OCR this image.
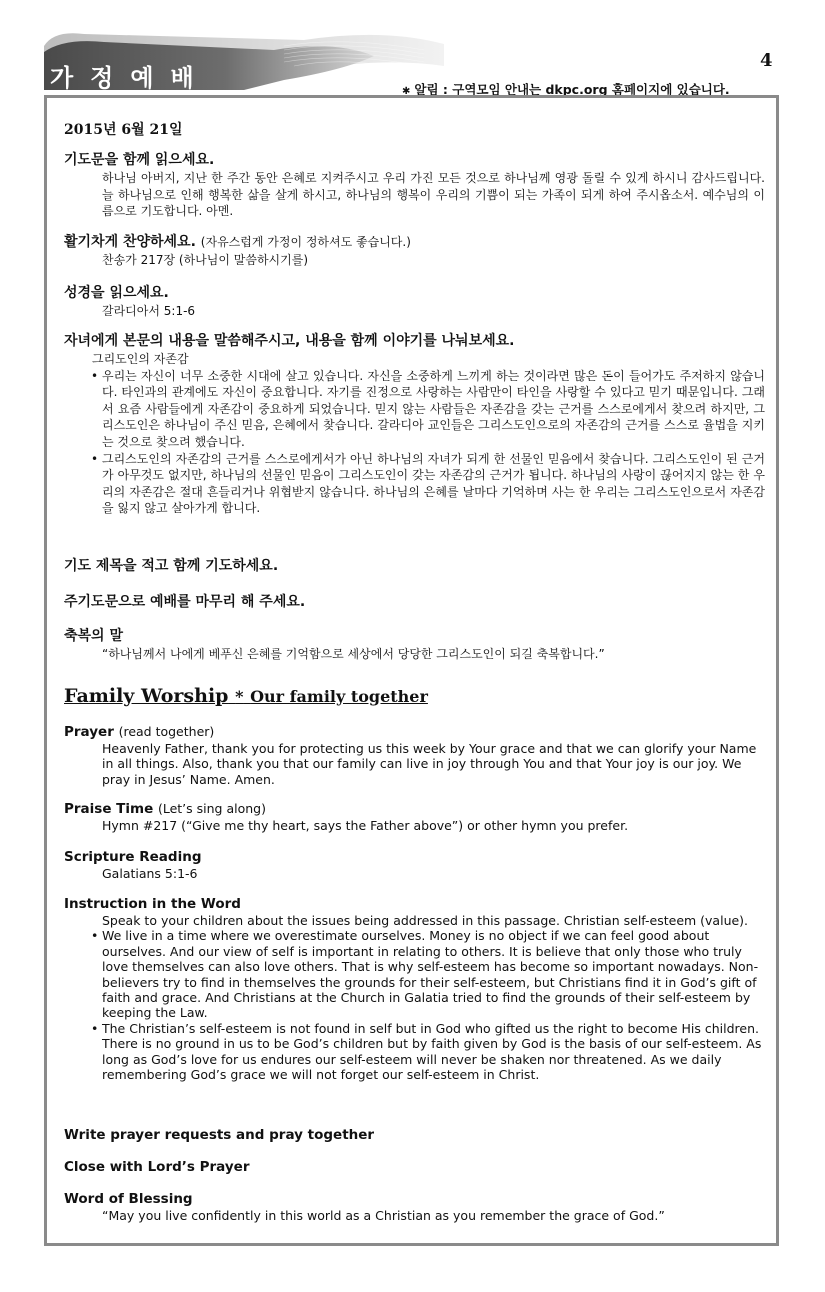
가정예배
4
✱ 알림 : 구역모임 안내는 dkpc.org 홈페이지에 있습니다.
2015년 6월 21일
기도문을 함께 읽으세요.
하나님 아버지, 지난 한 주간 동안 은혜로 지켜주시고 우리 가진 모든 것으로 하나님께 영광 돌릴 수 있게 하시니 감사드립니다. 늘 하나님으로 인해 행복한 삶을 살게 하시고, 하나님의 행복이 우리의 기쁨이 되는 가족이 되게 하여 주시옵소서. 예수님의 이름으로 기도합니다. 아멘.
활기차게 찬양하세요. (자유스럽게 가정이 정하셔도 좋습니다.)
찬송가 217장 (하나님이 말씀하시기를)
성경을 읽으세요.
갈라디아서 5:1-6
자녀에게 본문의 내용을 말씀해주시고, 내용을 함께 이야기를 나눠보세요.
그리도인의 자존감
• 우리는 자신이 너무 소중한 시대에 살고 있습니다. 자신을 소중하게 느끼게 하는 것이라면 많은 돈이 들어가도 주저하지 않습니다. 타인과의 관계에도 자신이 중요합니다. 자기를 진정으로 사랑하는 사람만이 타인을 사랑할 수 있다고 믿기 때문입니다. 그래서 요즘 사람들에게 자존감이 중요하게 되었습니다. 믿지 않는 사람들은 자존감을 갖는 근거를 스스로에게서 찾으려 하지만, 그리스도인은 하나님이 주신 믿음, 은혜에서 찾습니다. 갈라디아 교인들은 그리스도인으로의 자존감의 근거를 스스로 율법을 지키는 것으로 찾으려 했습니다.
• 그리스도인의 자존감의 근거를 스스로에게서가 아닌 하나님의 자녀가 되게 한 선물인 믿음에서 찾습니다. 그리스도인이 된 근거가 아무것도 없지만, 하나님의 선물인 믿음이 그리스도인이 갖는 자존감의 근거가 됩니다. 하나님의 사랑이 끊어지지 않는 한 우리의 자존감은 절대 흔들리거나 위협받지 않습니다. 하나님의 은혜를 날마다 기억하며 사는 한 우리는 그리스도인으로서 자존감을 잃지 않고 살아가게 합니다.
기도 제목을 적고 함께 기도하세요.
주기도문으로 예배를 마무리 해 주세요.
축복의 말
“하나님께서 나에게 베푸신 은혜를 기억함으로 세상에서 당당한 그리스도인이 되길 축복합니다.”
Family Worship * Our family together
Prayer (read together)
Heavenly Father, thank you for protecting us this week by Your grace and that we can glorify your Name in all things. Also, thank you that our family can live in joy through You and that Your joy is our joy. We pray in Jesus’ Name. Amen.
Praise Time (Let’s sing along)
Hymn #217 (“Give me thy heart, says the Father above”) or other hymn you prefer.
Scripture Reading
Galatians 5:1-6
Instruction in the Word
Speak to your children about the issues being addressed in this passage. Christian self-esteem (value).
• We live in a time where we overestimate ourselves. Money is no object if we can feel good about ourselves. And our view of self is important in relating to others. It is believe that only those who truly love themselves can also love others. That is why self-esteem has become so important nowadays. Non-believers try to find in themselves the grounds for their self-esteem, but Christians find it in God’s gift of faith and grace. And Christians at the Church in Galatia tried to find the grounds of their self-esteem by keeping the Law.
• The Christian’s self-esteem is not found in self but in God who gifted us the right to become His children. There is no ground in us to be God’s children but by faith given by God is the basis of our self-esteem. As long as God’s love for us endures our self-esteem will never be shaken nor threatened. As we daily remembering God’s grace we will not forget our self-esteem in Christ.
Write prayer requests and pray together
Close with Lord’s Prayer
Word of Blessing
“May you live confidently in this world as a Christian as you remember the grace of God.”
